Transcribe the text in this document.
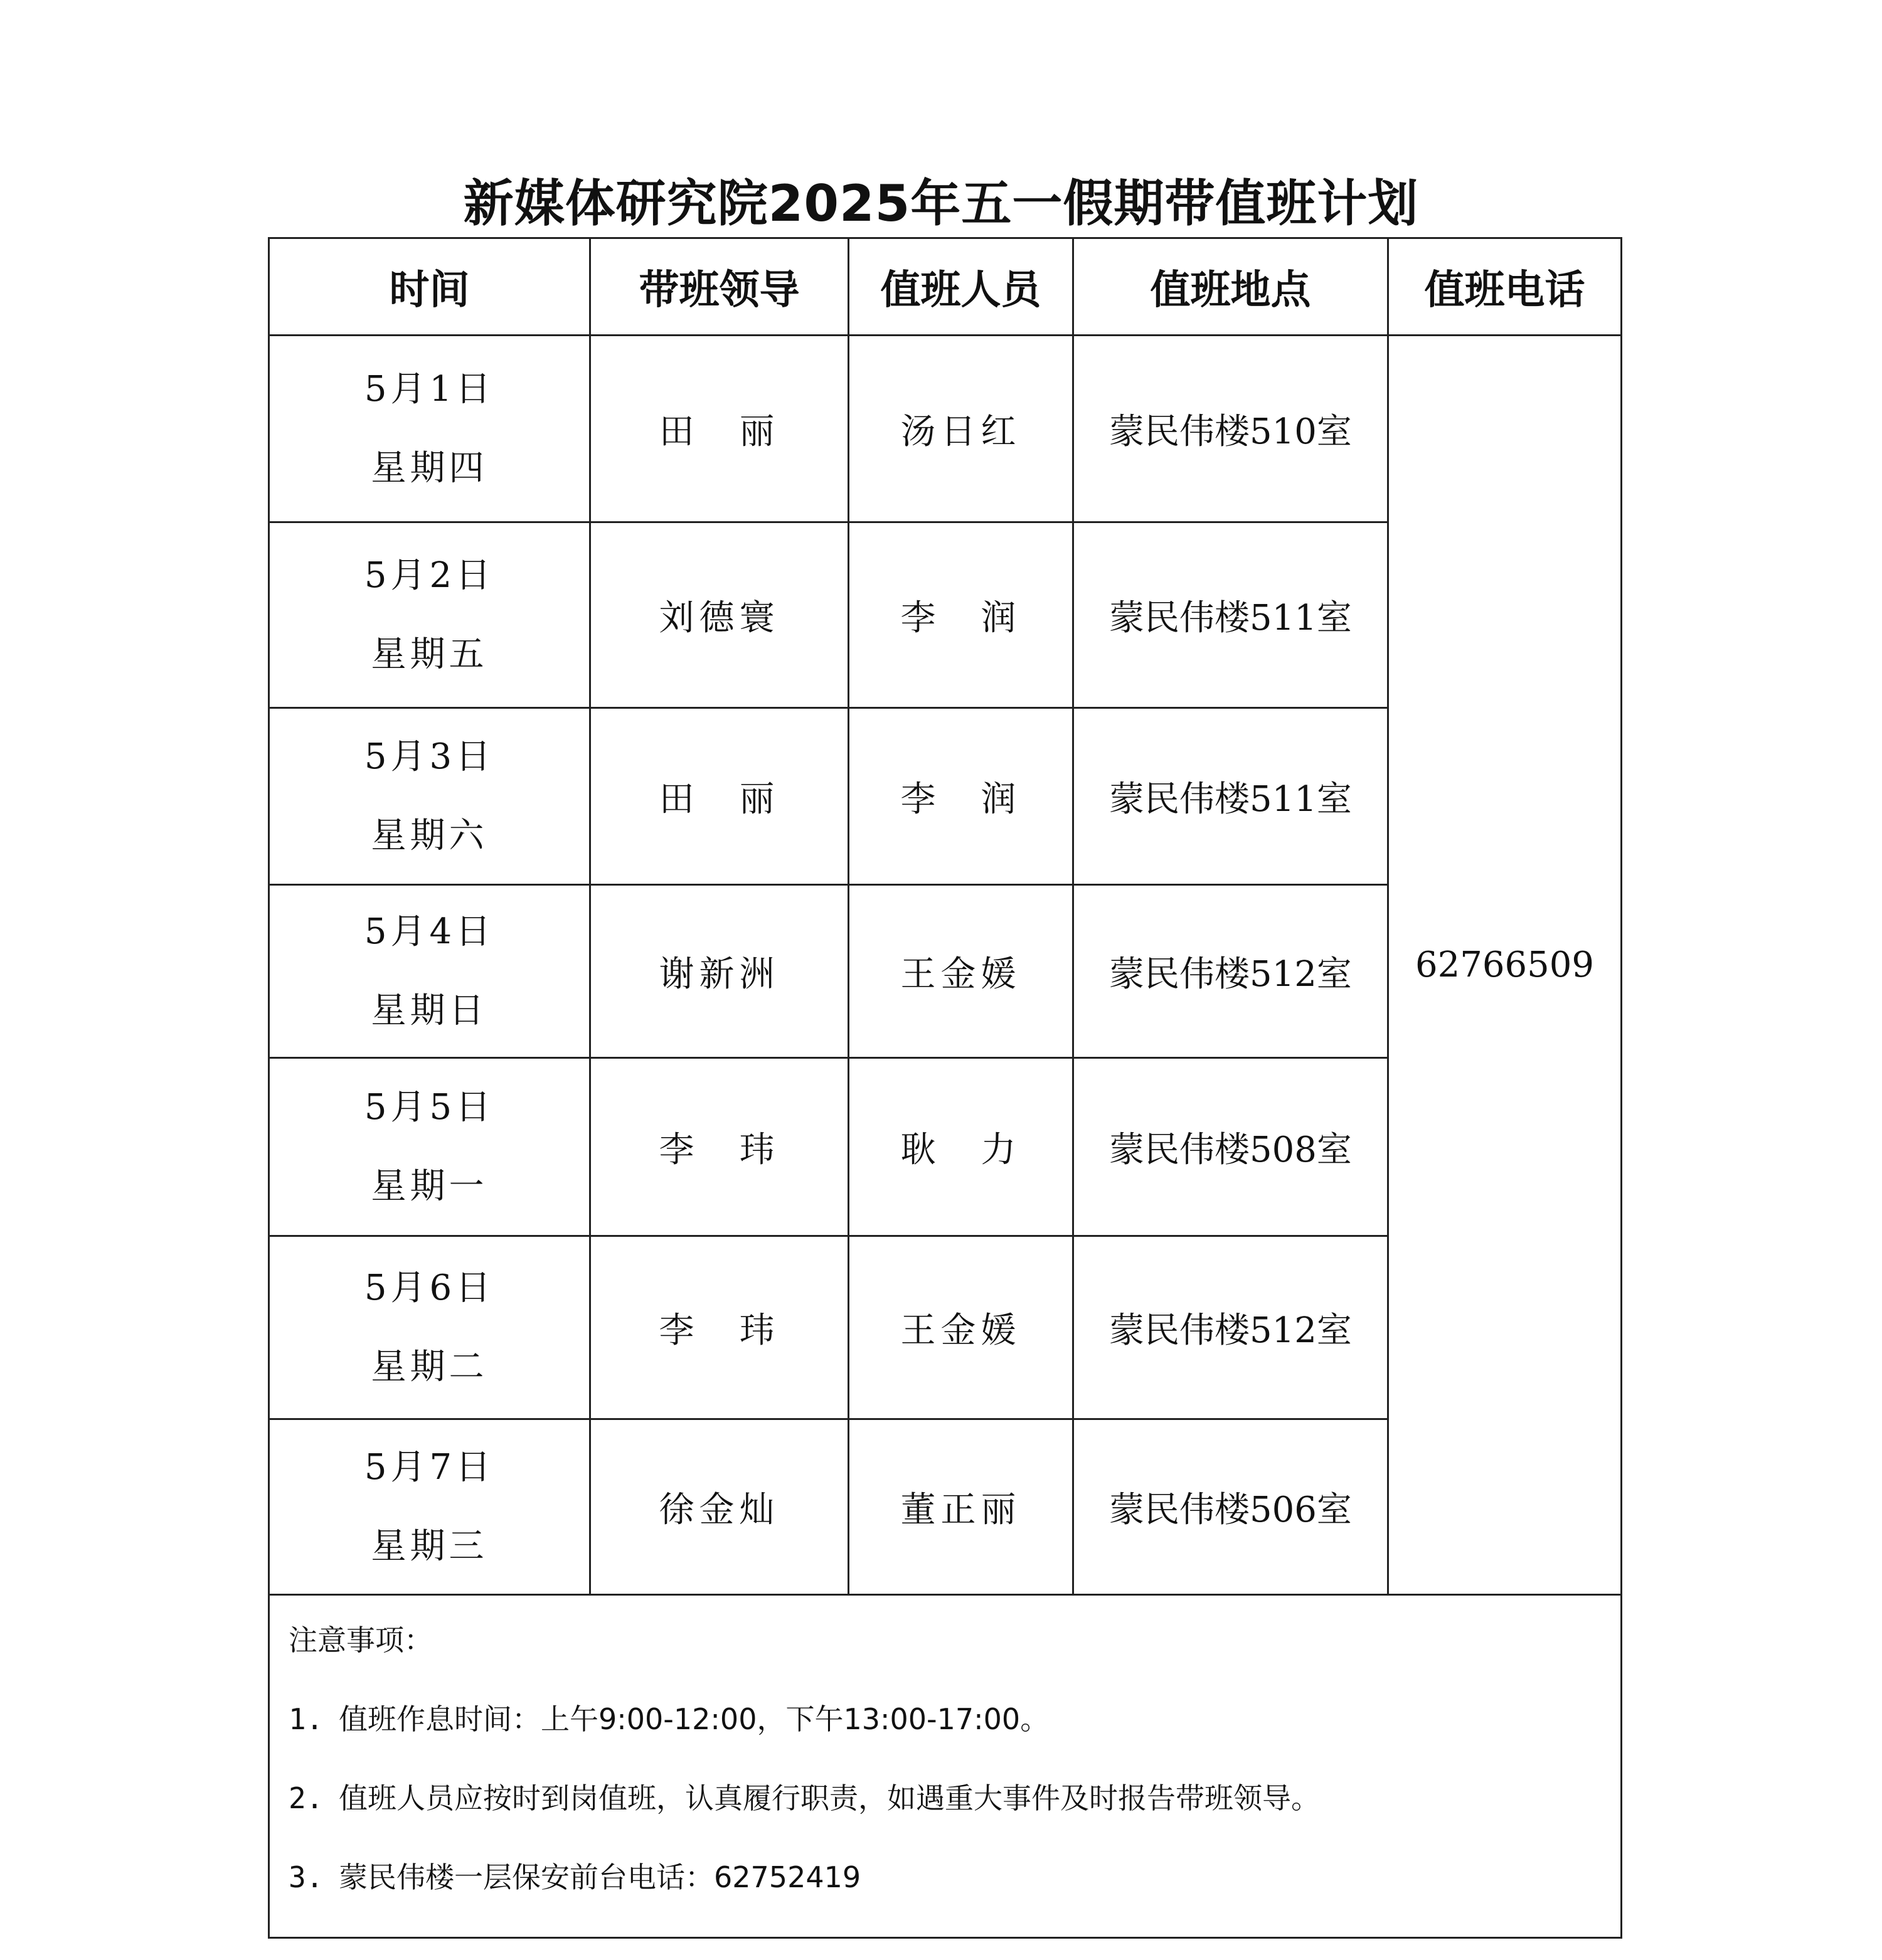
新媒体研究院2025年五一假期带值班计划
时间	带班领导	值班人员	值班地点	值班电话

5月1日
星期四	田　丽	汤日红	蒙民伟楼510室	62766509

5月2日
星期五	刘德寰	李　润	蒙民伟楼511室	

5月3日
星期六	田　丽	李　润	蒙民伟楼511室	

5月4日
星期日	谢新洲	王金媛	蒙民伟楼512室	

5月5日
星期一	李　玮	耿　力	蒙民伟楼508室	

5月6日
星期二	李　玮	王金媛	蒙民伟楼512室	

5月7日
星期三	徐金灿	董正丽	蒙民伟楼506室	

注意事项：

1. 值班作息时间：上午9:00-12:00，下午13:00-17:00。

2. 值班人员应按时到岗值班，认真履行职责，如遇重大事件及时报告带班领导。

3. 蒙民伟楼一层保安前台电话：62752419				
